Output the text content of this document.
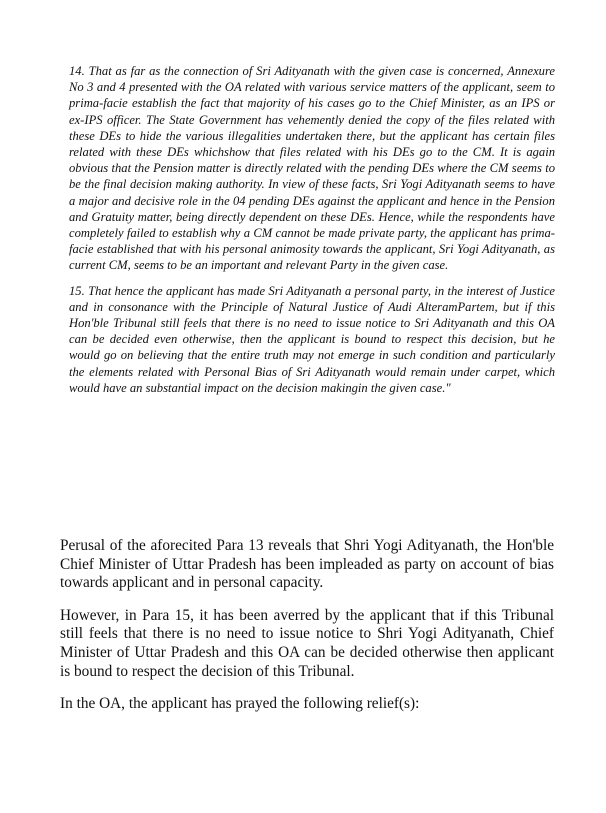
14. That as far as the connection of Sri Adityanath with the given case is concerned, Annexure No 3 and 4 presented with the OA related with various service matters of the applicant, seem to prima-facie establish the fact that majority of his cases go to the Chief Minister, as an IPS or ex-IPS officer. The State Government has vehemently denied the copy of the files related with these DEs to hide the various illegalities undertaken there, but the applicant has certain files related with these DEs whichshow that files related with his DEs go to the CM. It is again obvious that the Pension matter is directly related with the pending DEs where the CM seems to be the final decision making authority. In view of these facts, Sri Yogi Adityanath seems to have a major and decisive role in the 04 pending DEs against the applicant and hence in the Pension and Gratuity matter, being directly dependent on these DEs. Hence, while the respondents have completely failed to establish why a CM cannot be made private party, the applicant has prima-facie established that with his personal animosity towards the applicant, Sri Yogi Adityanath, as current CM, seems to be an important and relevant Party in the given case.

15. That hence the applicant has made Sri Adityanath a personal party, in the interest of Justice and in consonance with the Principle of Natural Justice of Audi AlteramPartem, but if this Hon'ble Tribunal still feels that there is no need to issue notice to Sri Adityanath and this OA can be decided even otherwise, then the applicant is bound to respect this decision, but he would go on believing that the entire truth may not emerge in such condition and particularly the elements related with Personal Bias of Sri Adityanath would remain under carpet, which would have an substantial impact on the decision makingin the given case."

Perusal of the aforecited Para 13 reveals that Shri Yogi Adityanath, the Hon'ble Chief Minister of Uttar Pradesh has been impleaded as party on account of bias towards applicant and in personal capacity.

However, in Para 15, it has been averred by the applicant that if this Tribunal still feels that there is no need to issue notice to Shri Yogi Adityanath, Chief Minister of Uttar Pradesh and this OA can be decided otherwise then applicant is bound to respect the decision of this Tribunal.

In the OA, the applicant has prayed the following relief(s):
